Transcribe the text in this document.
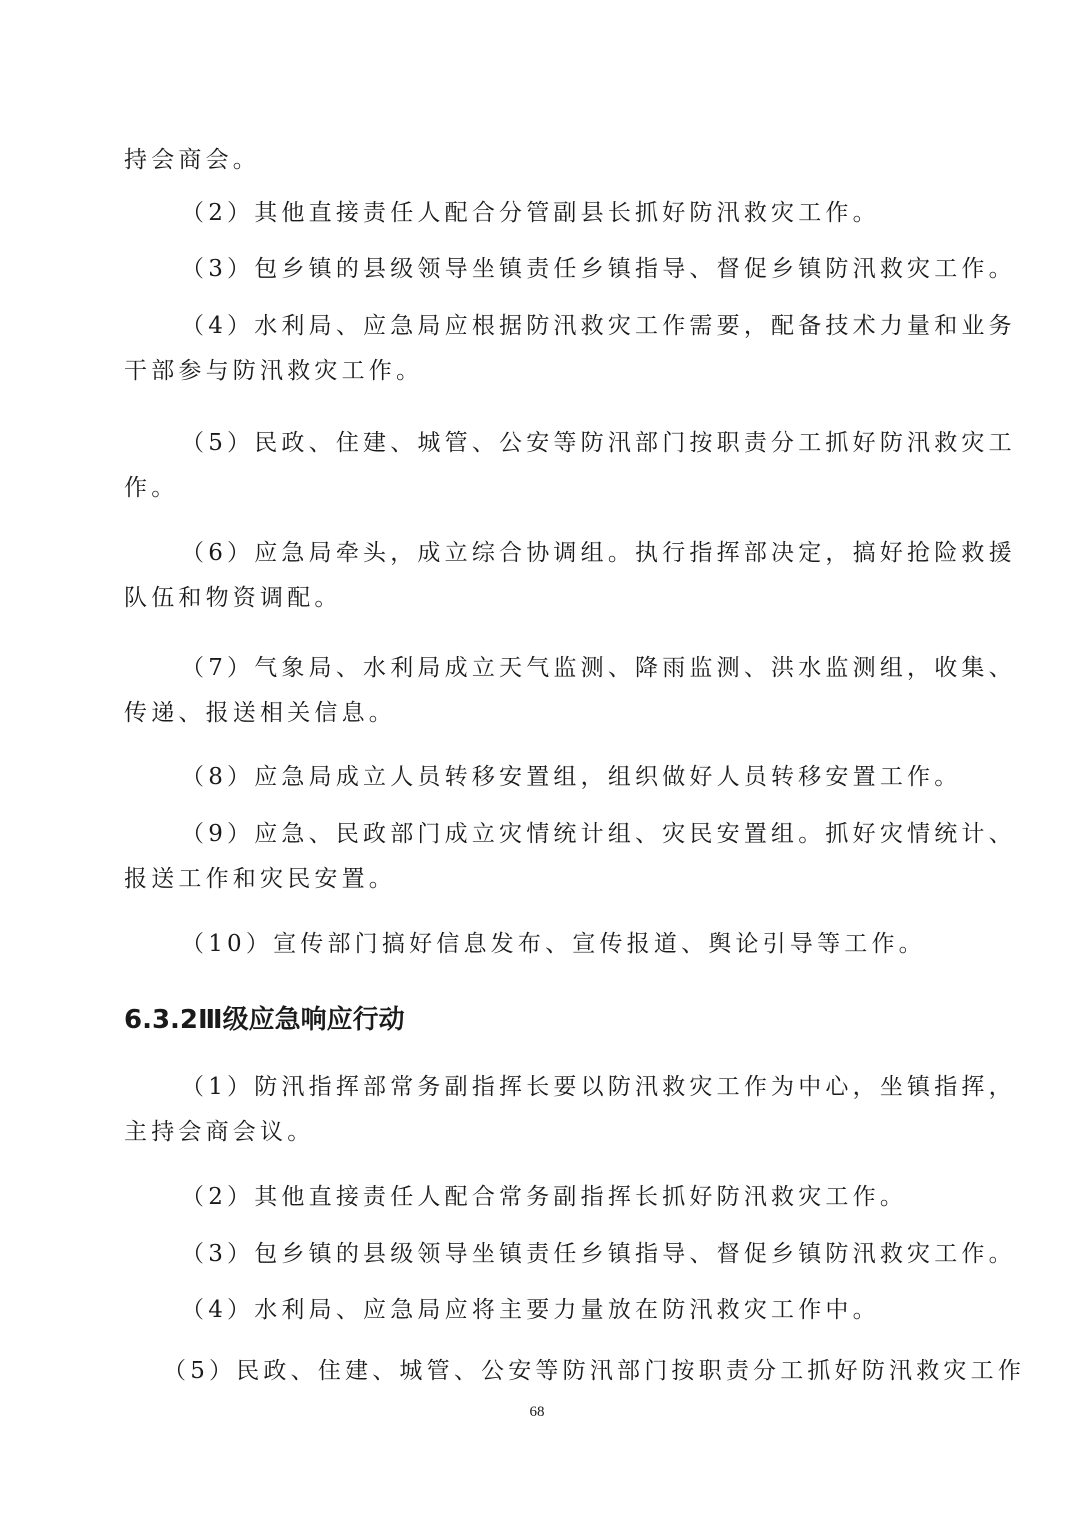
持会商会。
（2）其他直接责任人配合分管副县长抓好防汛救灾工作。
（3）包乡镇的县级领导坐镇责任乡镇指导、督促乡镇防汛救灾工作。
（4）水利局、应急局应根据防汛救灾工作需要，配备技术力量和业务
干部参与防汛救灾工作。
（5）民政、住建、城管、公安等防汛部门按职责分工抓好防汛救灾工
作。
（6）应急局牵头，成立综合协调组。执行指挥部决定，搞好抢险救援
队伍和物资调配。
（7）气象局、水利局成立天气监测、降雨监测、洪水监测组，收集、
传递、报送相关信息。
（8）应急局成立人员转移安置组，组织做好人员转移安置工作。
（9）应急、民政部门成立灾情统计组、灾民安置组。抓好灾情统计、
报送工作和灾民安置。
（10）宣传部门搞好信息发布、宣传报道、舆论引导等工作。
6.3.2Ⅲ级应急响应行动
（1）防汛指挥部常务副指挥长要以防汛救灾工作为中心，坐镇指挥，
主持会商会议。
（2）其他直接责任人配合常务副指挥长抓好防汛救灾工作。
（3）包乡镇的县级领导坐镇责任乡镇指导、督促乡镇防汛救灾工作。
（4）水利局、应急局应将主要力量放在防汛救灾工作中。
（5）民政、住建、城管、公安等防汛部门按职责分工抓好防汛救灾工作
68
